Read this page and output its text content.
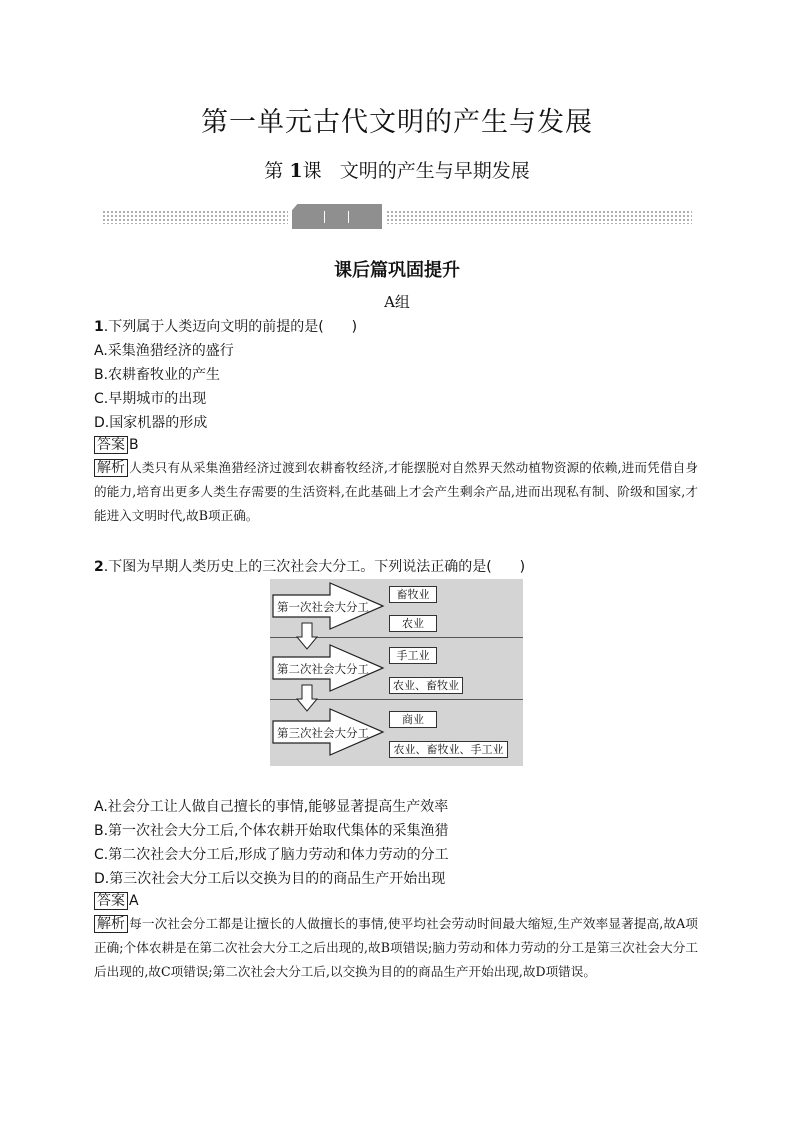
第一单元古代文明的产生与发展
第 1课 文明的产生与早期发展
课后篇巩固提升
A组
1.下列属于人类迈向文明的前提的是(　　)
A.采集渔猎经济的盛行
B.农耕畜牧业的产生
C.早期城市的出现
D.国家机器的形成
答案 B
解析 人类只有从采集渔猎经济过渡到农耕畜牧经济,才能摆脱对自然界天然动植物资源的依赖,进而凭借自身的能力,培育出更多人类生存需要的生活资料,在此基础上才会产生剩余产品,进而出现私有制、阶级和国家,才能进入文明时代,故B项正确。
2.下图为早期人类历史上的三次社会大分工。下列说法正确的是(　　)
第一次社会大分工
第二次社会大分工
第三次社会大分工
畜牧业
农业
手工业
农业、畜牧业
商业
农业、畜牧业、手工业
A.社会分工让人做自己擅长的事情,能够显著提高生产效率
B.第一次社会大分工后,个体农耕开始取代集体的采集渔猎
C.第二次社会大分工后,形成了脑力劳动和体力劳动的分工
D.第三次社会大分工后以交换为目的的商品生产开始出现
答案 A
解析 每一次社会分工都是让擅长的人做擅长的事情,使平均社会劳动时间最大缩短,生产效率显著提高,故A项正确;个体农耕是在第二次社会大分工之后出现的,故B项错误;脑力劳动和体力劳动的分工是第三次社会大分工后出现的,故C项错误;第二次社会大分工后,以交换为目的的商品生产开始出现,故D项错误。
